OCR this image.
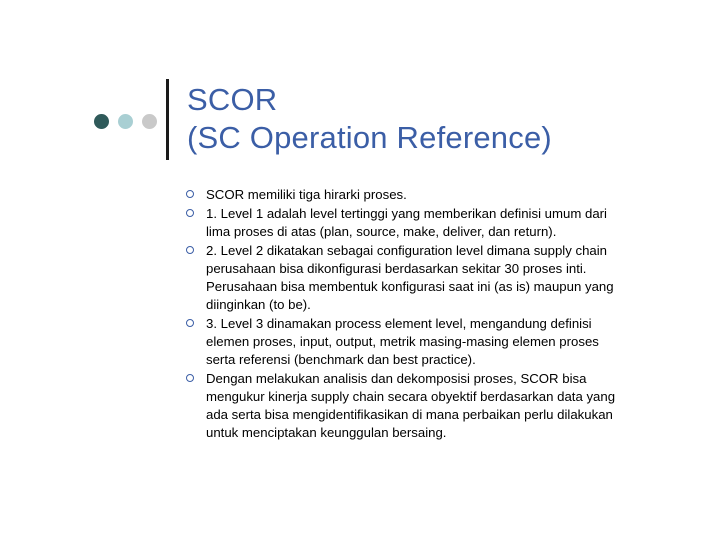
SCOR
(SC Operation Reference)
SCOR memiliki tiga hirarki proses.
1. Level 1 adalah level tertinggi yang memberikan definisi umum dari lima proses di atas (plan, source, make, deliver, dan return).
2. Level 2 dikatakan sebagai configuration level dimana supply chain perusahaan bisa dikonfigurasi berdasarkan sekitar 30 proses inti. Perusahaan bisa membentuk konfigurasi saat ini (as is) maupun yang diinginkan (to be).
3. Level 3 dinamakan process element level, mengandung definisi elemen proses, input, output, metrik masing-masing elemen proses serta referensi (benchmark dan best practice).
Dengan melakukan analisis dan dekomposisi proses, SCOR bisa mengukur kinerja supply chain secara obyektif berdasarkan data yang ada serta bisa mengidentifikasikan di mana perbaikan perlu dilakukan untuk menciptakan keunggulan bersaing.
